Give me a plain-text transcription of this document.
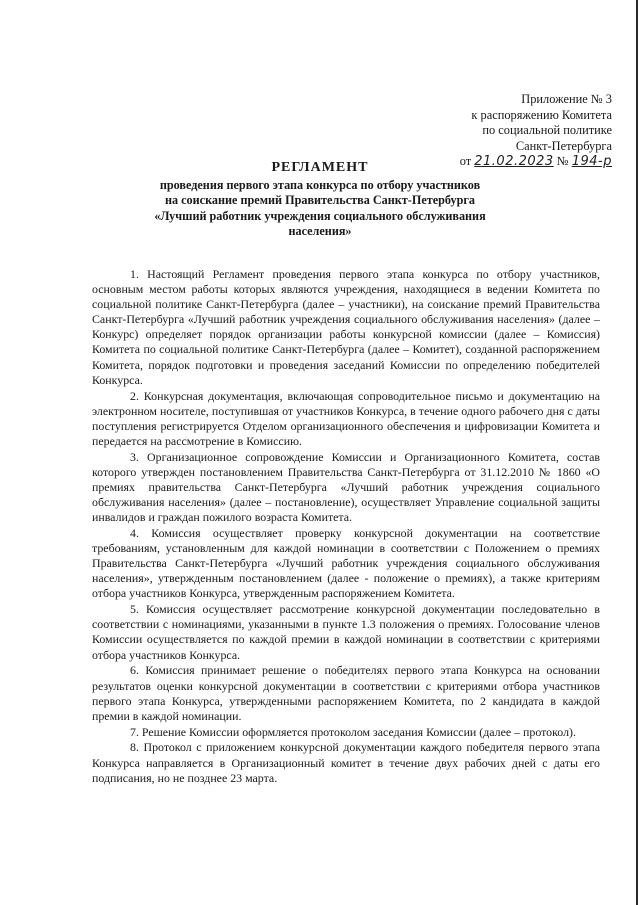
Приложение № 3
к распоряжению Комитета
по социальной политике
Санкт-Петербурга
от 21.02.2023 № 194-р
РЕГЛАМЕНТ
проведения первого этапа конкурса по отбору участников
на соискание премий Правительства Санкт-Петербурга
«Лучший работник учреждения социального обслуживания
населения»

1. Настоящий Регламент проведения первого этапа конкурса по отбору участников, основным местом работы которых являются учреждения, находящиеся в ведении Комитета по социальной политике Санкт-Петербурга (далее – участники), на соискание премий Правительства Санкт-Петербурга «Лучший работник учреждения социального обслуживания населения» (далее – Конкурс) определяет порядок организации работы конкурсной комиссии (далее – Комиссия) Комитета по социальной политике Санкт-Петербурга (далее – Комитет), созданной распоряжением Комитета, порядок подготовки и проведения заседаний Комиссии по определению победителей Конкурса.

2. Конкурсная документация, включающая сопроводительное письмо и документацию на электронном носителе, поступившая от участников Конкурса, в течение одного рабочего дня с даты поступления регистрируется Отделом организационного обеспечения и цифровизации Комитета и передается на рассмотрение в Комиссию.

3. Организационное сопровождение Комиссии и Организационного Комитета, состав которого утвержден постановлением Правительства Санкт-Петербурга от 31.12.2010 № 1860 «О премиях правительства Санкт-Петербурга «Лучший работник учреждения социального обслуживания населения» (далее – постановление), осуществляет Управление социальной защиты инвалидов и граждан пожилого возраста Комитета.

4. Комиссия осуществляет проверку конкурсной документации на соответствие требованиям, установленным для каждой номинации в соответствии с Положением о премиях Правительства Санкт-Петербурга «Лучший работник учреждения социального обслуживания населения», утвержденным постановлением (далее - положение о премиях), а также критериям отбора участников Конкурса, утвержденным распоряжением Комитета.

5. Комиссия осуществляет рассмотрение конкурсной документации последовательно в соответствии с номинациями, указанными в пункте 1.3 положения о премиях. Голосование членов Комиссии осуществляется по каждой премии в каждой номинации в соответствии с критериями отбора участников Конкурса.

6. Комиссия принимает решение о победителях первого этапа Конкурса на основании результатов оценки конкурсной документации в соответствии с критериями отбора участников первого этапа Конкурса, утвержденными распоряжением Комитета, по 2 кандидата в каждой премии в каждой номинации.

7. Решение Комиссии оформляется протоколом заседания Комиссии (далее – протокол).

8. Протокол с приложением конкурсной документации каждого победителя первого этапа Конкурса направляется в Организационный комитет в течение двух рабочих дней с даты его подписания, но не позднее 23 марта.
